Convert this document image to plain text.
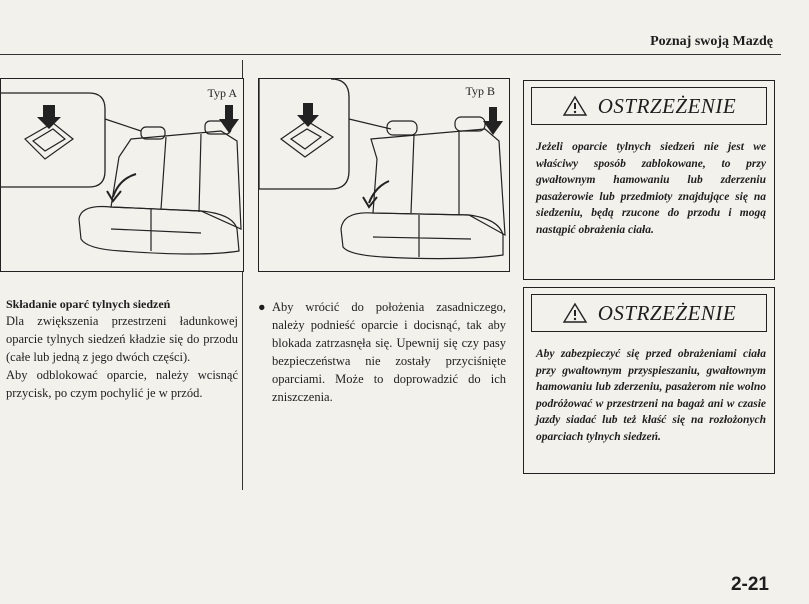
Poznaj swoją Mazdę
Typ A	Typ B
Składanie oparć tylnych siedzeń

Dla zwiększenia przestrzeni ładunkowej oparcie tylnych siedzeń kładzie się do przodu (całe lub jedną z jego dwóch części).

Aby odblokować oparcie, należy wcisnąć przycisk, po czym pochylić je w przód.

● Aby wrócić do położenia zasadniczego, należy podnieść oparcie i docisnąć, tak aby blokada zatrzasnęła się. Upewnij się czy pasy bezpieczeństwa nie zostały przyciśnięte oparciami. Może to doprowadzić do ich zniszczenia.

OSTRZEŻENIE
Jeżeli oparcie tylnych siedzeń nie jest we właściwy sposób zablokowane, to przy gwałtownym hamowaniu lub zderzeniu pasażerowie lub przedmioty znajdujące się na siedzeniu, będą rzucone do przodu i mogą nastąpić obrażenia ciała.
OSTRZEŻENIE
Aby zabezpieczyć się przed obrażeniami ciała przy gwałtownym przyspieszaniu, gwałtownym hamowaniu lub zderzeniu, pasażerom nie wolno podróżować w przestrzeni na bagaż ani w czasie jazdy siadać lub też kłaść się na rozłożonych oparciach tylnych siedzeń.
2-21
